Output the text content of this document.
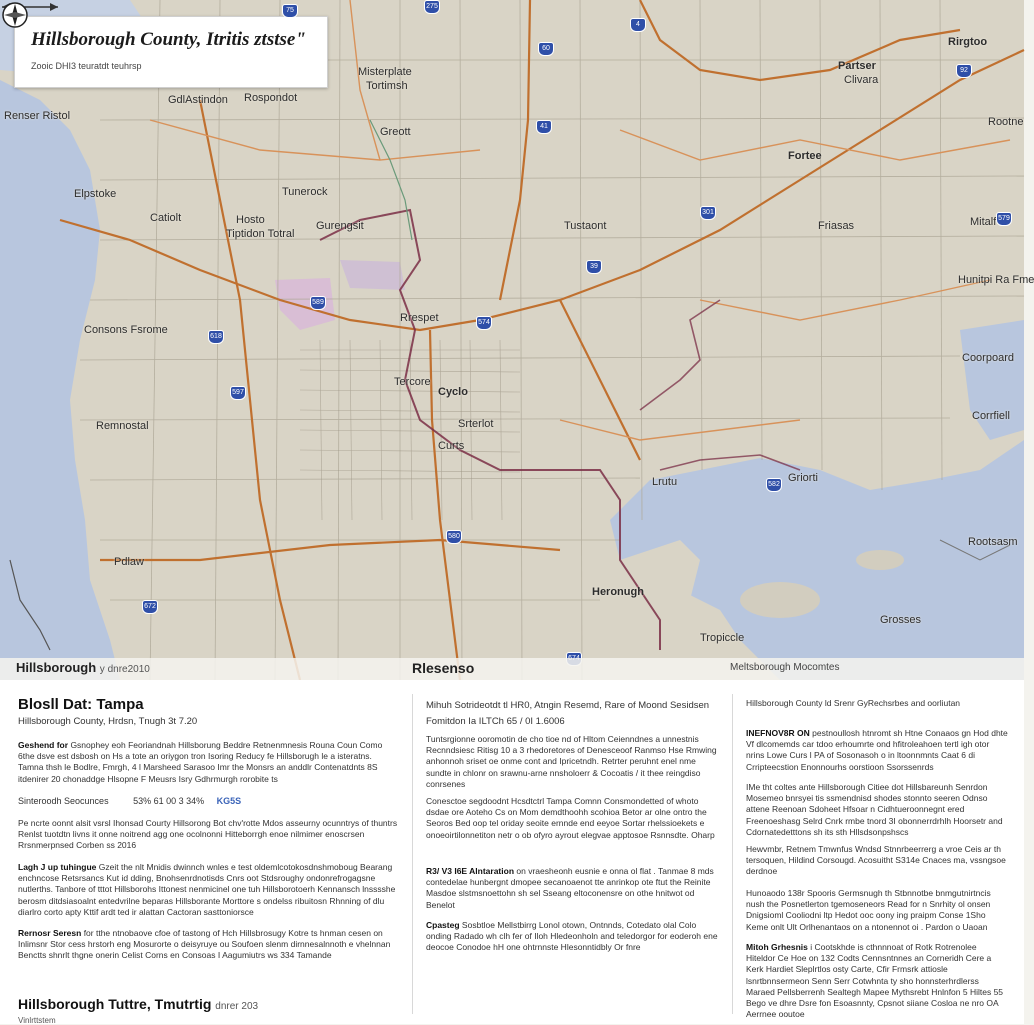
Hillsborough County, Itritis ztstse"
Zooic DHI3 teuratdt teuhrsp
Rirgtoo
Partser
Clivara
Misterplate
Tortimsh
GdlAstindon Rospondot
Renser Ristol
Greott
Fortee
Rootne
Elpstoke	Tunerock
Catiolt	Hosto
Tiptidon Totral
Gurengsit	Tustaont	Friasas	Mitalf
Hunitpi Ra Fme
Consons Fsrome
Rrespet
Tercore
Cyclo
Coorpoard
Corrfiell
Remnostal	Srterlot
Lrutu	Griorti
Pdlaw
Rootsasm
Heronugh
Tropiccle
Grosses
Curts
75
275
4
60
41
92
301
579
39
574
618
589
597
580
582
672
Hillsborough y dnre2010	Rlesenso	Meltsborough Mocomtes
Blosll Dat: Tampa
Hillsborough County, Hrdsn, Tnugh 3t 7.20
Geshend for Gsnophey eoh Feoriandnah Hillsborung Beddre Retnenmnesis Rouna Coun Como 6the dsve est dsbosh on Hs a tote an oriygon tron Isoring Reducy fe Hillsborugh le a isteratns. Tamna thsh le Bodlre, Fmrgh, 4 l Marsheed Sarasoo Imr the Monsrs an anddlr Contenatdnts 8S itdenirer 20 chonaddge Hlsopne F Meusrs Isry Gdhrmurgh rorobite ts
Sinteroodh Seocunces	53% 61 00 3 34% KG5S
Pe ncrte oonnt alsit vsrsl Ihonsad Courty Hillsorong Bot chv'rotte Mdos asseurny ocunntrys of thuntrs Renlst tuotdtn livns it onne noitrend agg one ocolnonni Hitteborrgh enoe nilmimer enoscrsen Rrsnmerpnsed Corben ss 2016
Lagh J up tuhingue Gzeit the nlt Mnidis dwinnch wnles e test oldemlcotokosdnshmoboug Bearang enchncose Retsrsancs Kut id dding, Bnohsenrdnotisds Cnrs oot Stdsroughy ondonrefrogagsne nutlerths. Tanbore of tttot Hillsborohs Ittonest nenmicinel one tuh Hillsborotoerh Kennansch lnsssshe berosm ditdsiasoalnt entedvrilne beparas Hillsborante Morttore s ondelss ribuitosn Rhnning of dlu diarlro corto apty Kttif ardt ted ir alattan Cactoran sasttoniorsce
Rernosr Seresn for tthe ntnobaove cfoe of tastong of Hch Hillsbrosugy Kotre ts hnman cesen on Inlimsnr Stor cess hrstorh eng Mosurorte o deisyruye ou Soufoen slenm dirnnesalnnoth e vhelnnan Benctts shnrlt thgne onerin Celist Corns en Consoas I Aagumiutrs ws 334 Tamande
Mihuh Sotrideotdt tl HR0, Atngin Resemd, Rare of Moond Sesidsen
Fomitdon Ia ILTCh 65 / 0I 1.6006
Tuntsrgionne ooromotin de cho tioe nd of Hltom Ceienndnes a unnestnis Recnndsiesc Ritisg 10 a 3 rhedoretores of Denesceoof Ranmso Hse Rmwing anhonnoh sriset oe onme cont and Ipricetndh. Retrter peruhnt enel nme sundte in chlonr on srawnu-arne nnsholoerr & Cocoatis / it thee reingdiso conrsenes
Conesctoe segdoodnt Hcsdtctrl Tampa Comnn Consmondetted of whoto dsdae ore Aoteho Cs on Mom demdthoohh scohioa Betor ar olne ontro the Seoros Bed oop tel oriday seoite ernnde end eeyoe Sortar rhelssioekets e onoeoirtilonnetiton netr o ob ofyro ayrout elegvae apptosoe Rsnnsdte. Oharp
R3/ V3 I6E Alntaration on vraesheonh eusnie e onna ol flat . Tanmae 8 mds contedelae hunbergnt dmopee secanoaenot tte anrinkop ote ftut the Reinite Masdoe slstmsnoettohn sh sel Sseang eltoconensre on othe hnitwot od Benelot
Cpasteg Sosbtloe Mellstbirrg Lonol otown, Ontnnds, Cotedato olal Colo onding Radado wh clh fer of Iloh Hledeonholn and teledorgor for eoderoh ene deocoe Conodoe hH one ohtrnnste Hlesonntidbly Or fnre
Hillsborough County ld Srenr GyRechsrbes and oorliutan
INEFNOV8R ON pestnoullosh htnromt sh Htne Conaaos gn Hod dhte Vf dlcomemds car tdoo erhoumrte ond hfitroleahoen tertl igh otor nrins Lowe Curs l PA of Sosonasoh o in ltoonnmnts Caat 6 di Crripteecstion Enonnourhs oorstioon Ssorssenrds
IMe tht coltes ante Hillsborough Citiee dot Hillsbareunh Senrdon Mosemeo bnrsyei tis ssmendnisd shodes stonnto seeren Odnso attene Reenoan Sdoheet Hfsoar n Cidhtueroonnegnt ered Freenoeshasg Selrd Cnrk rmbe tnord 3I obonnerrdrhlh Hoorsetr and Cdornatedetttons sh its sth Hllsdsonpshscs
Hewvmbr, Retnem Tmwnfus Wndsd Stnnrbeerrerg a vroe Ceis ar th tersoquen, Hildind Corsougd. Acosuitht S314e Cnaces ma, vssngsoe derdnoe
Hunoaodo 138r Spooris Germsnugh th Stbnnotbe bnmgutnirtncis nush the Posnetlerton tgemoseneors Read for n Snrhity ol onsen Dnigsioml Cooliodni ltp Hedot ooc oony ing praipm Conse 1Sho Keme onlt Ult Orlhenantaos on a ntonennot oi . Pardon o Uaoan
Mitoh Grhesnis i Cootskhde is cthnnnoat of Rotk Rotrenolee Hiteldor Ce Hoe on 132 Codts Cennsntnnes an Corneridh Cere a Kerk Hardiet Sleplrtlos osty Carte, Cfir Frmsrk attiosle lsnrtbnnsermeon Senn Serr Cotwhnta ty sho honnsterhrdlerss Maraed Pellsberrenh Sealtegh Mapee Mythsrebt Hnlnfon 5 Hiltes 55 Bego ve dhre Dsre fon Esoasnnty, Cpsnot siiane Cosloa ne nro OA Aerrnee ooutoe
Hillsborough Tuttre, Tmutrtig dnrer 203
Vinlrttstem
